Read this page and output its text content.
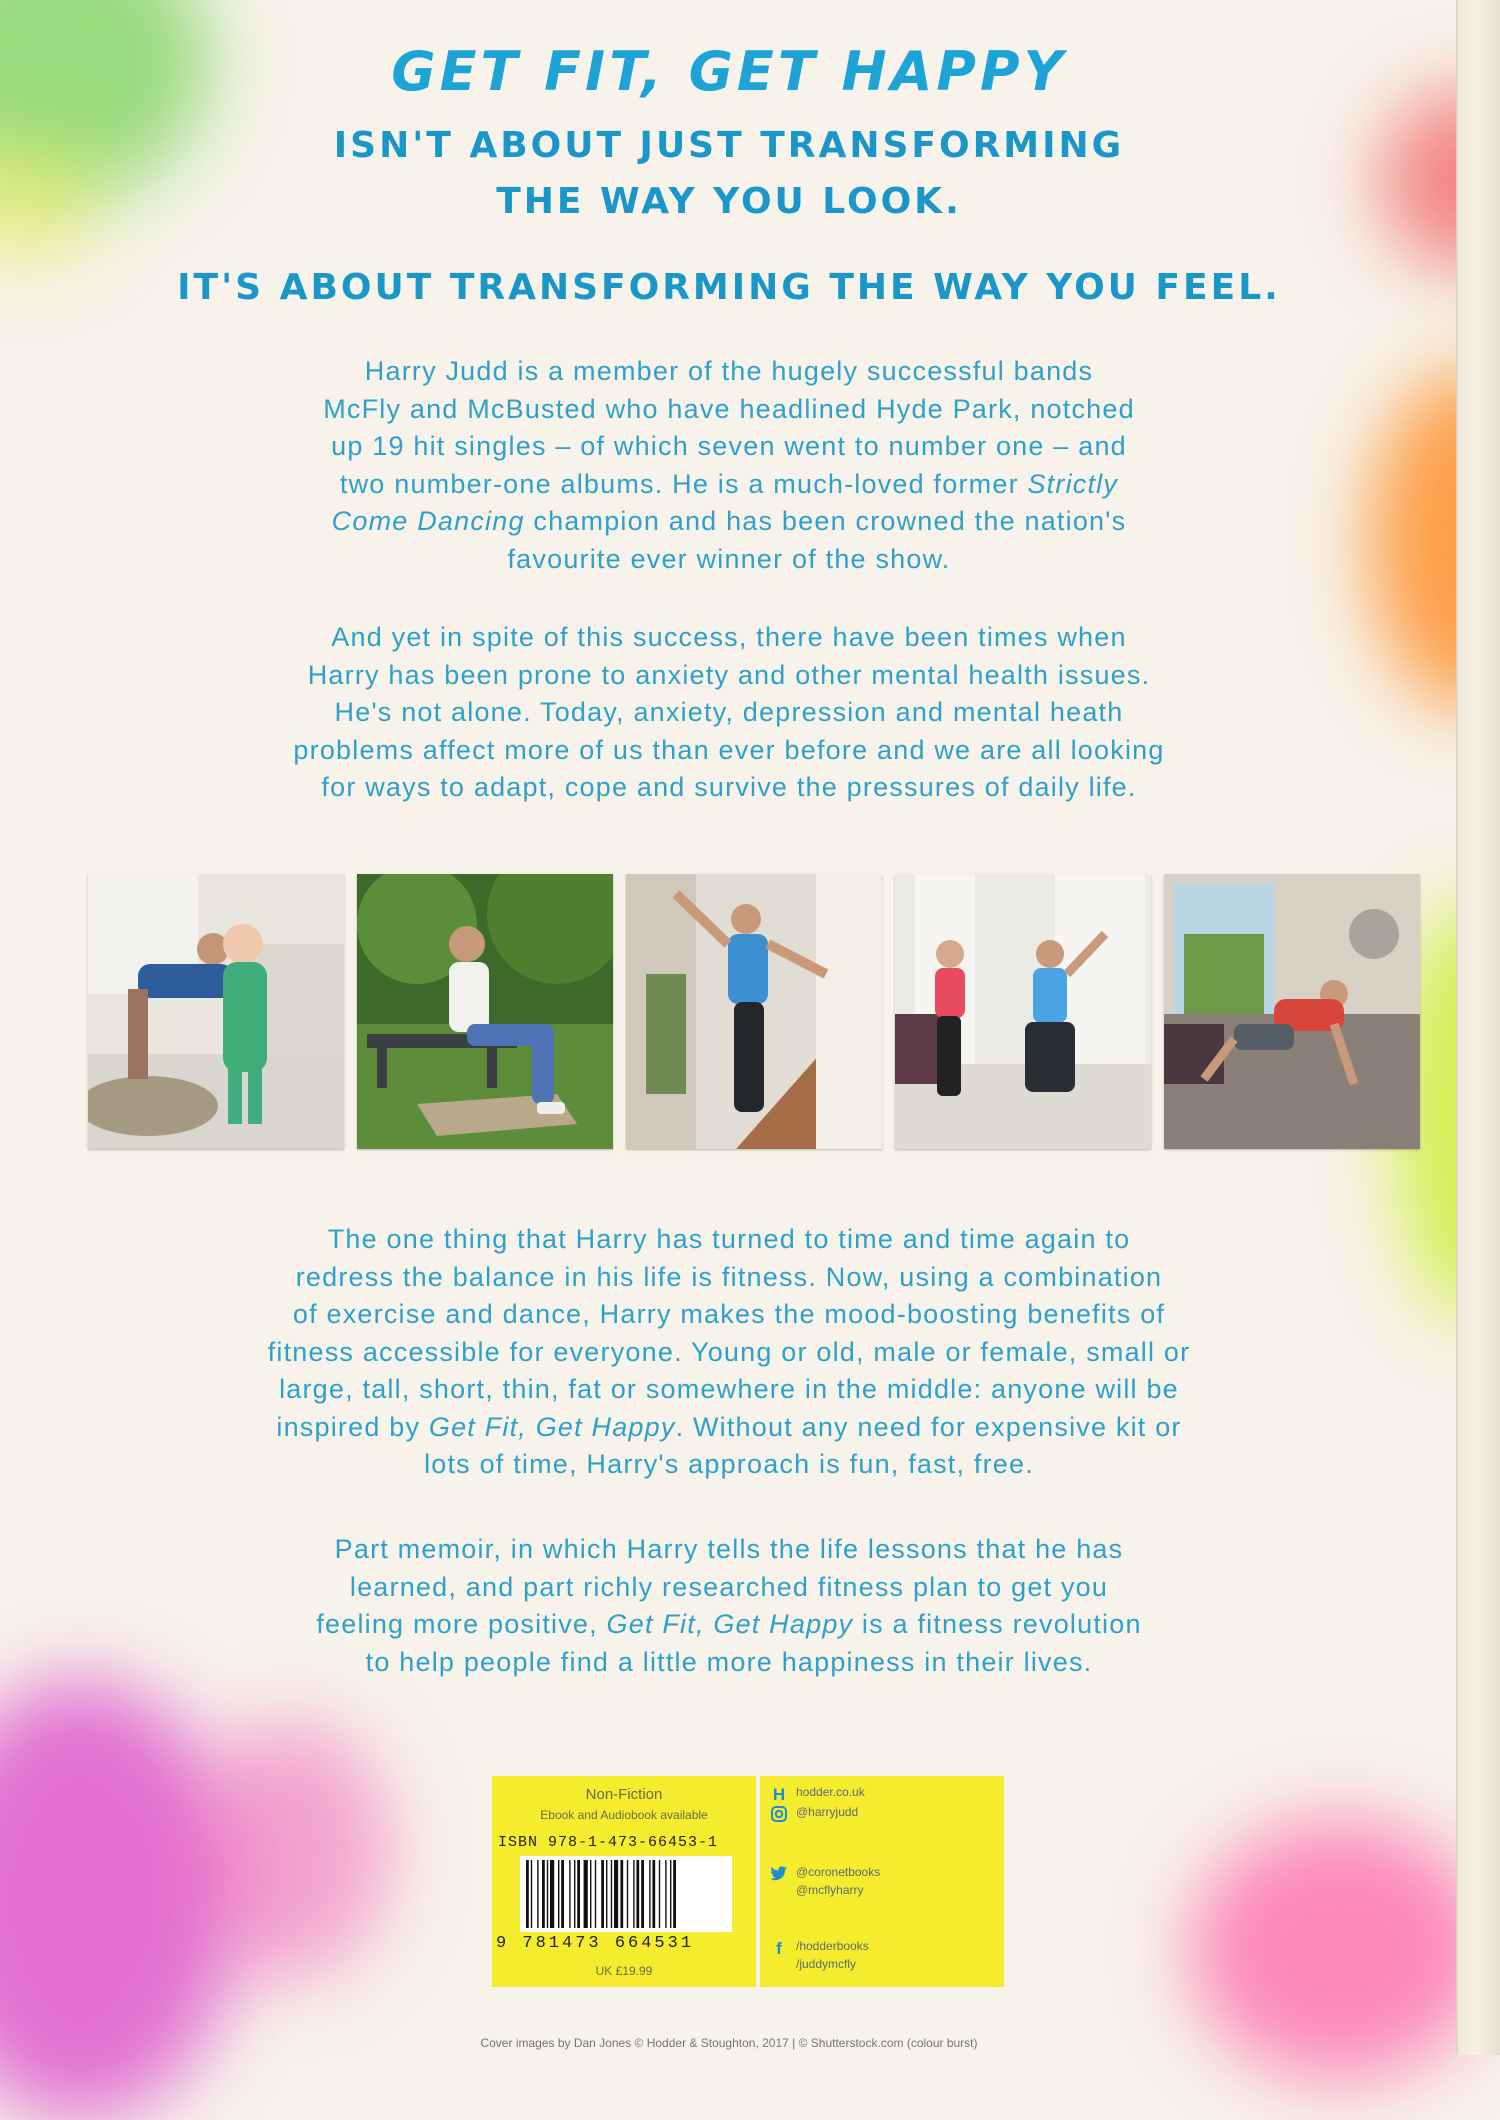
GET FIT, GET HAPPY
ISN'T ABOUT JUST TRANSFORMING
THE WAY YOU LOOK.
IT'S ABOUT TRANSFORMING THE WAY YOU FEEL.
Harry Judd is a member of the hugely successful bands
McFly and McBusted who have headlined Hyde Park, notched
up 19 hit singles – of which seven went to number one – and
two number-one albums. He is a much-loved former Strictly
Come Dancing champion and has been crowned the nation's
favourite ever winner of the show.
And yet in spite of this success, there have been times when
Harry has been prone to anxiety and other mental health issues.
He's not alone. Today, anxiety, depression and mental heath
problems affect more of us than ever before and we are all looking
for ways to adapt, cope and survive the pressures of daily life.
The one thing that Harry has turned to time and time again to
redress the balance in his life is fitness. Now, using a combination
of exercise and dance, Harry makes the mood-boosting benefits of
fitness accessible for everyone. Young or old, male or female, small or
large, tall, short, thin, fat or somewhere in the middle: anyone will be
inspired by Get Fit, Get Happy. Without any need for expensive kit or
lots of time, Harry's approach is fun, fast, free.
Part memoir, in which Harry tells the life lessons that he has
learned, and part richly researched fitness plan to get you
feeling more positive, Get Fit, Get Happy is a fitness revolution
to help people find a little more happiness in their lives.
Non-Fiction
Ebook and Audiobook available
ISBN 978-1-473-66453-1
9 781473 664531
UK £19.99
H hodder.co.uk
@harryjudd
@coronetbooks
@mcflyharry
f	/hodderbooks
/juddymcfly
Cover images by Dan Jones © Hodder & Stoughton, 2017 | © Shutterstock.com (colour burst)
